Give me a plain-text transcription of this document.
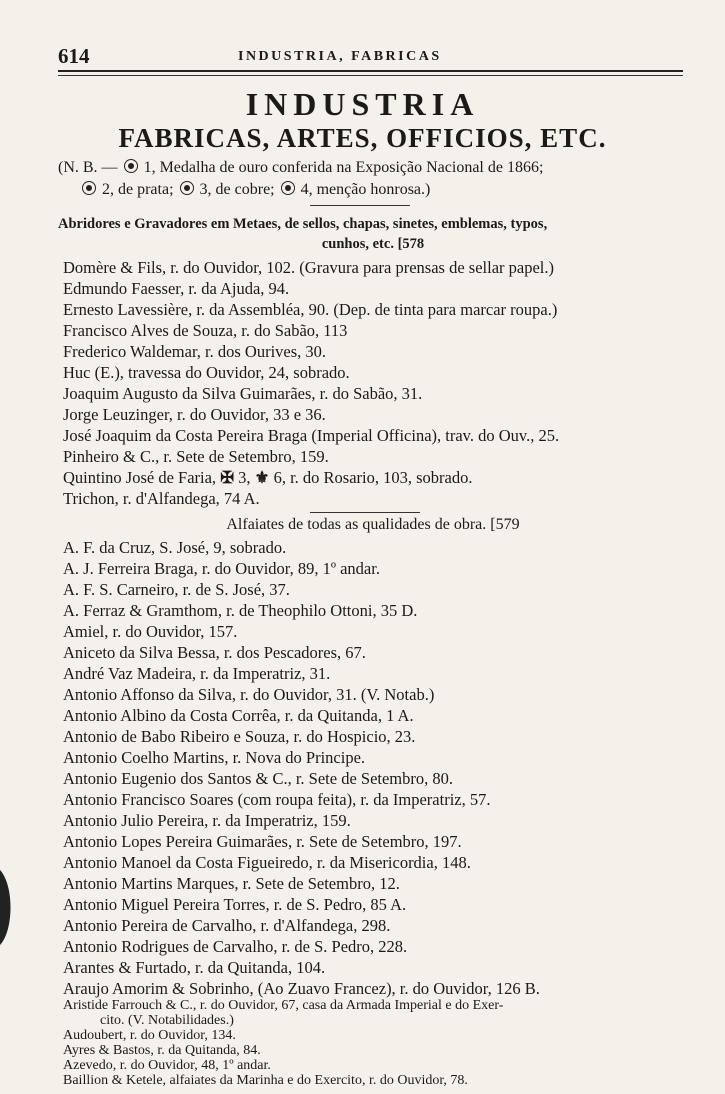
614	INDUSTRIA, FABRICAS
INDUSTRIA
FABRICAS, ARTES, OFFICIOS, ETC.
(N. B. — 1, Medalha de ouro conferida na Exposição Nacional de 1866;
2, de prata; 3, de cobre; 4, menção honrosa.)
Abridores e Gravadores em Metaes, de sellos, chapas, sinetes, emblemas, typos,
cunhos, etc. [578
Domère & Fils, r. do Ouvidor, 102. (Gravura para prensas de sellar papel.)
Edmundo Faesser, r. da Ajuda, 94.
Ernesto Lavessière, r. da Assembléa, 90. (Dep. de tinta para marcar roupa.)
Francisco Alves de Souza, r. do Sabão, 113
Frederico Waldemar, r. dos Ourives, 30.
Huc (E.), travessa do Ouvidor, 24, sobrado.
Joaquim Augusto da Silva Guimarães, r. do Sabão, 31.
Jorge Leuzinger, r. do Ouvidor, 33 e 36.
José Joaquim da Costa Pereira Braga (Imperial Officina), trav. do Ouv., 25.
Pinheiro & C., r. Sete de Setembro, 159.
Quintino José de Faria, ✠ 3, ⚜ 6, r. do Rosario, 103, sobrado.
Trichon, r. d'Alfandega, 74 A.
Alfaiates de todas as qualidades de obra. [579
A. F. da Cruz, S. José, 9, sobrado.
A. J. Ferreira Braga, r. do Ouvidor, 89, 1º andar.
A. F. S. Carneiro, r. de S. José, 37.
A. Ferraz & Gramthom, r. de Theophilo Ottoni, 35 D.
Amiel, r. do Ouvidor, 157.
Aniceto da Silva Bessa, r. dos Pescadores, 67.
André Vaz Madeira, r. da Imperatriz, 31.
Antonio Affonso da Silva, r. do Ouvidor, 31. (V. Notab.)
Antonio Albino da Costa Corrêa, r. da Quitanda, 1 A.
Antonio de Babo Ribeiro e Souza, r. do Hospicio, 23.
Antonio Coelho Martins, r. Nova do Principe.
Antonio Eugenio dos Santos & C., r. Sete de Setembro, 80.
Antonio Francisco Soares (com roupa feita), r. da Imperatriz, 57.
Antonio Julio Pereira, r. da Imperatriz, 159.
Antonio Lopes Pereira Guimarães, r. Sete de Setembro, 197.
Antonio Manoel da Costa Figueiredo, r. da Misericordia, 148.
Antonio Martins Marques, r. Sete de Setembro, 12.
Antonio Miguel Pereira Torres, r. de S. Pedro, 85 A.
Antonio Pereira de Carvalho, r. d'Alfandega, 298.
Antonio Rodrigues de Carvalho, r. de S. Pedro, 228.
Arantes & Furtado, r. da Quitanda, 104.
Araujo Amorim & Sobrinho, (Ao Zuavo Francez), r. do Ouvidor, 126 B.
Aristide Farrouch & C., r. do Ouvidor, 67, casa da Armada Imperial e do Exer-
cito. (V. Notabilidades.)
Audoubert, r. do Ouvidor, 134.
Ayres & Bastos, r. da Quitanda, 84.
Azevedo, r. do Ouvidor, 48, 1º andar.
Baillion & Ketele, alfaiates da Marinha e do Exercito, r. do Ouvidor, 78.
